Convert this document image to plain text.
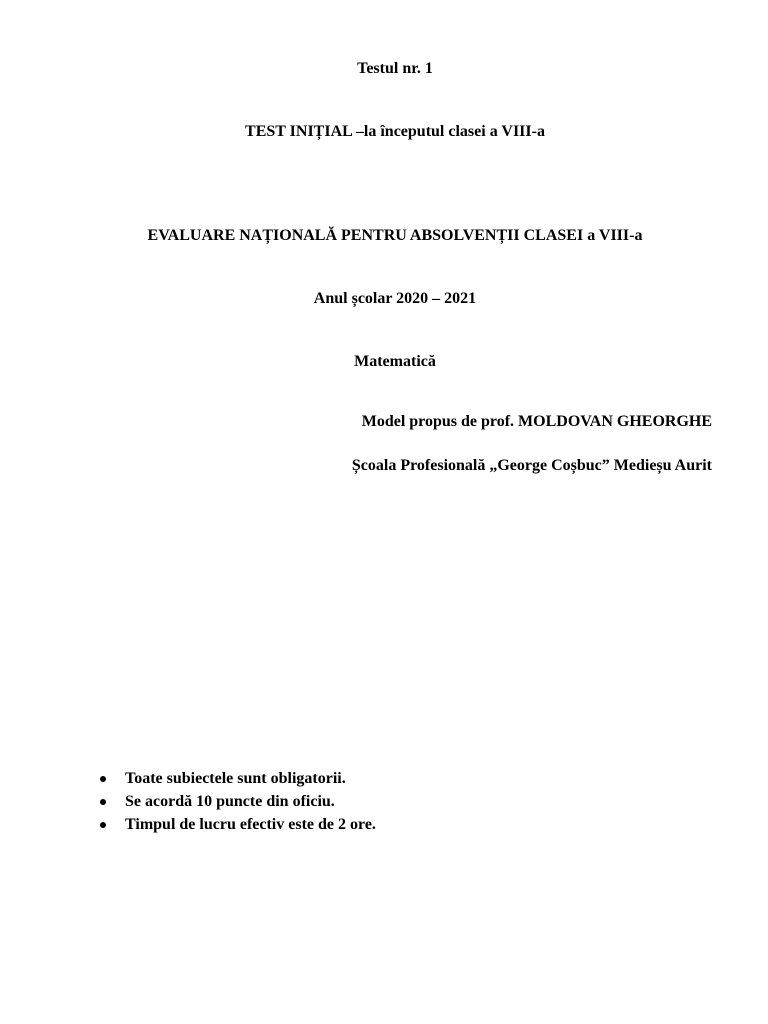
Testul nr. 1
TEST INIȚIAL –la începutul clasei a VIII-a
EVALUARE NAȚIONALĂ PENTRU ABSOLVENȚII CLASEI a VIII-a
Anul școlar 2020 – 2021
Matematică
Model propus de prof. MOLDOVAN GHEORGHE
Școala Profesională „George Coșbuc” Medieșu Aurit
Toate subiectele sunt obligatorii.
Se acordă 10 puncte din oficiu.
Timpul de lucru efectiv este de 2 ore.
